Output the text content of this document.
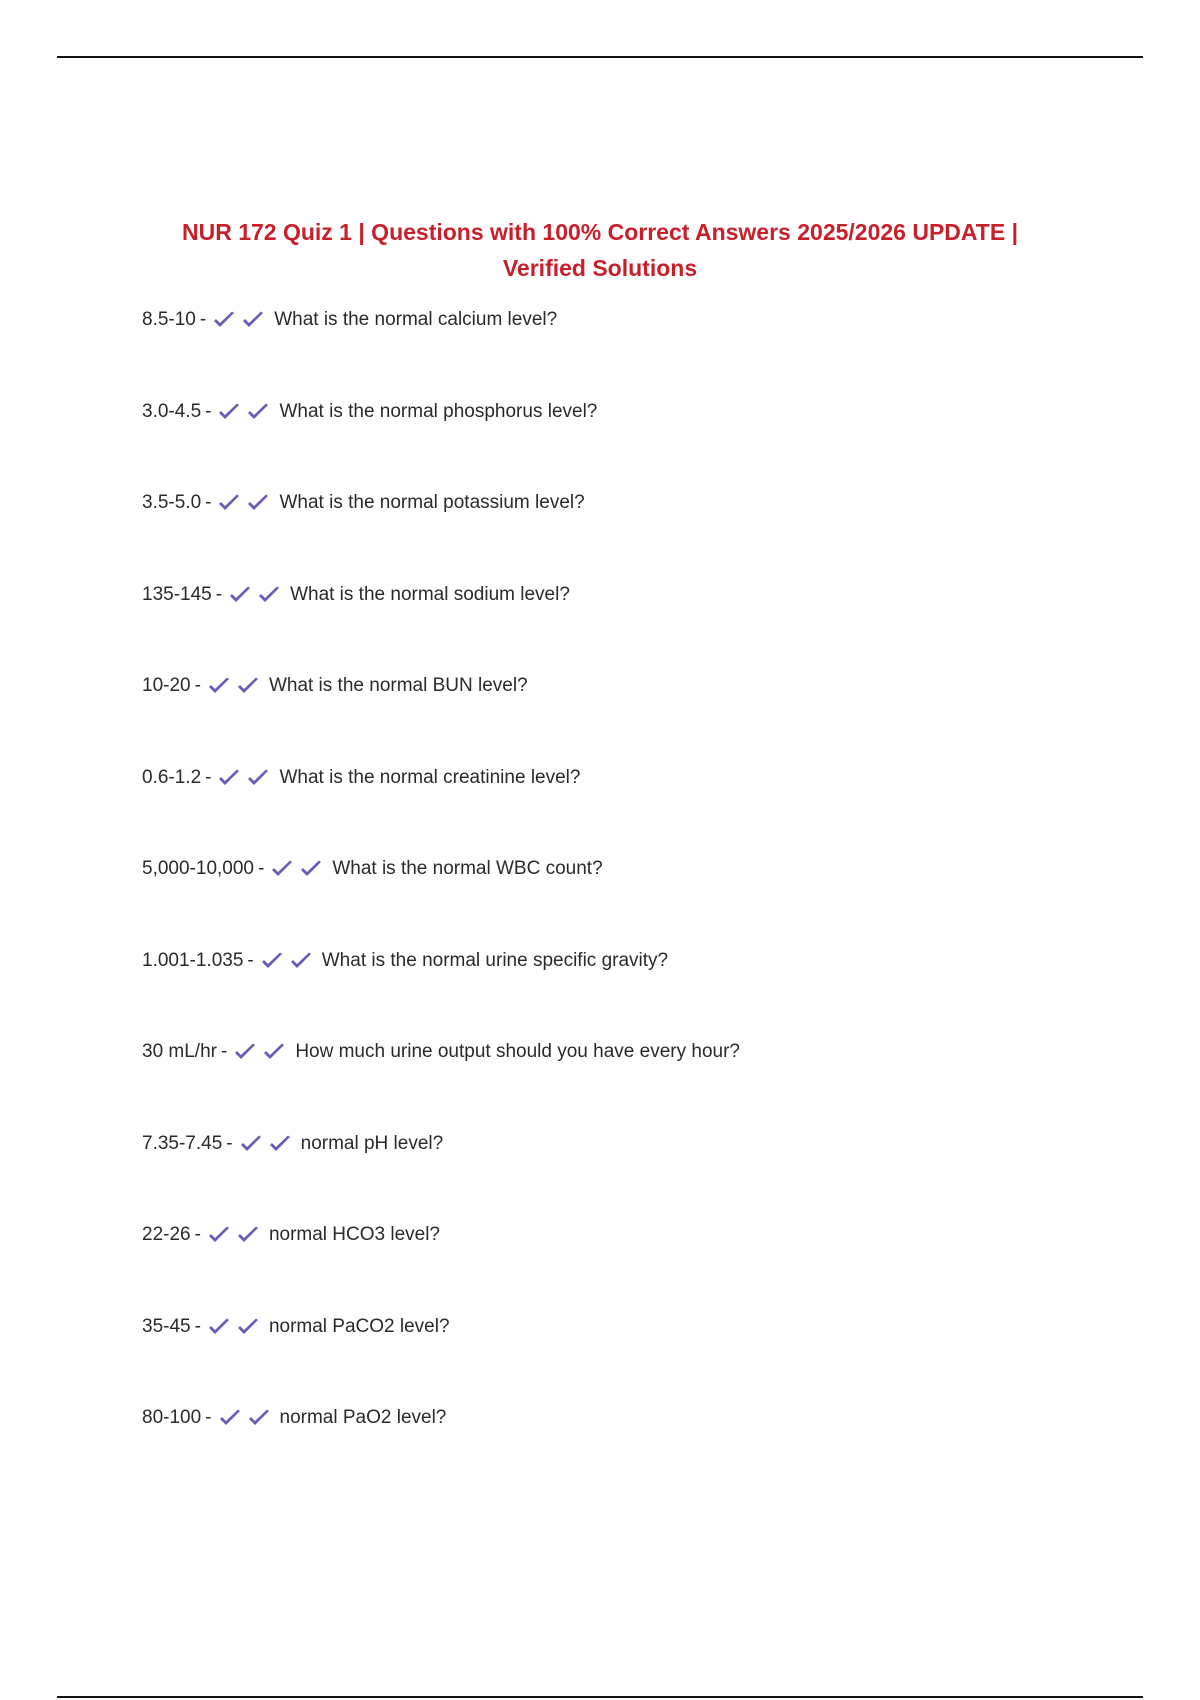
NUR 172 Quiz 1 | Questions with 100% Correct Answers 2025/2026 UPDATE |
Verified Solutions
8.5-10 -	What is the normal calcium level?
3.0-4.5 -	What is the normal phosphorus level?
3.5-5.0 -	What is the normal potassium level?
135-145 -	What is the normal sodium level?
10-20 -	What is the normal BUN level?
0.6-1.2 -	What is the normal creatinine level?
5,000-10,000 -	What is the normal WBC count?
1.001-1.035 -	What is the normal urine specific gravity?
30 mL/hr -	How much urine output should you have every hour?
7.35-7.45 -	normal pH level?
22-26 -	normal HCO3 level?
35-45 -	normal PaCO2 level?
80-100 -	normal PaO2 level?
